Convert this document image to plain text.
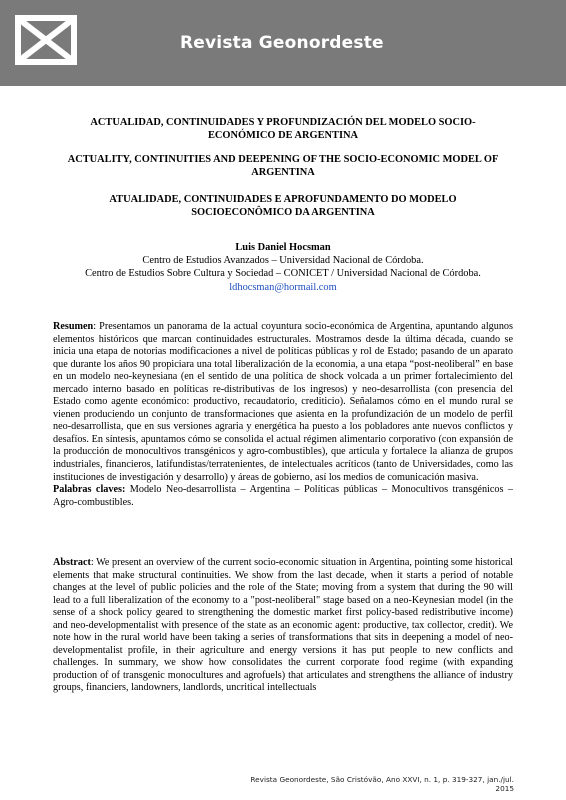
Revista Geonordeste
ACTUALIDAD, CONTINUIDADES Y PROFUNDIZACIÓN DEL MODELO SOCIO-ECONÓMICO DE ARGENTINA
ACTUALITY, CONTINUITIES AND DEEPENING OF THE SOCIO-ECONOMIC MODEL OF ARGENTINA
ATUALIDADE, CONTINUIDADES E APROFUNDAMENTO DO MODELO SOCIOECONÔMICO DA ARGENTINA
Luis Daniel Hocsman
Centro de Estudios Avanzados – Universidad Nacional de Córdoba.
Centro de Estudios Sobre Cultura y Sociedad – CONICET / Universidad Nacional de Córdoba.
ldhocsman@hormail.com

Resumen: Presentamos un panorama de la actual coyuntura socio-económica de Argentina, apuntando algunos elementos históricos que marcan continuidades estructurales. Mostramos desde la última década, cuando se inicia una etapa de notorias modificaciones a nivel de políticas públicas y rol de Estado; pasando de un aparato que durante los años 90 propiciara una total liberalización de la economia, a una etapa “post-neoliberal” en base en un modelo neo-keynesiana (en el sentido de una política de shock volcada a un primer fortalecimiento del mercado interno basado en políticas re-distributivas de los ingresos) y neo-desarrollista (con presencia del Estado como agente económico: productivo, recaudatorio, crediticio). Señalamos cómo en el mundo rural se vienen produciendo un conjunto de transformaciones que asienta en la profundización de un modelo de perfil neo-desarrollista, que en sus versiones agraria y energética ha puesto a los pobladores ante nuevos conflictos y desafíos. En síntesis, apuntamos cómo se consolida el actual régimen alimentario corporativo (con expansión de la producción de monocultivos transgénicos y agro-combustibles), que articula y fortalece la alianza de grupos industriales, financieros, latifundistas/terratenientes, de intelectuales acríticos (tanto de Universidades, como las instituciones de investigación y desarrollo) y áreas de gobierno, así los medios de comunicación masiva.
Palabras claves: Modelo Neo-desarrollista – Argentina – Políticas públicas – Monocultivos transgénicos – Agro-combustibles.

Abstract: We present an overview of the current socio-economic situation in Argentina, pointing some historical elements that make structural continuities. We show from the last decade, when it starts a period of notable changes at the level of public policies and the role of the State; moving from a system that during the 90 will lead to a full liberalization of the economy to a "post-neoliberal" stage based on a neo-Keynesian model (in the sense of a shock policy geared to strengthening the domestic market first policy-based redistributive income) and neo-developmentalist with presence of the state as an economic agent: productive, tax collector, credit). We note how in the rural world have been taking a series of transformations that sits in deepening a model of neo-developmentalist profile, in their agriculture and energy versions it has put people to new conflicts and challenges. In summary, we show how consolidates the current corporate food regime (with expanding production of of transgenic monocultures and agrofuels) that articulates and strengthens the alliance of industry groups, financiers, landowners, landlords, uncritical intellectuals

Revista Geonordeste, São Cristóvão, Ano XXVI, n. 1, p. 319-327, jan./jul. 2015
